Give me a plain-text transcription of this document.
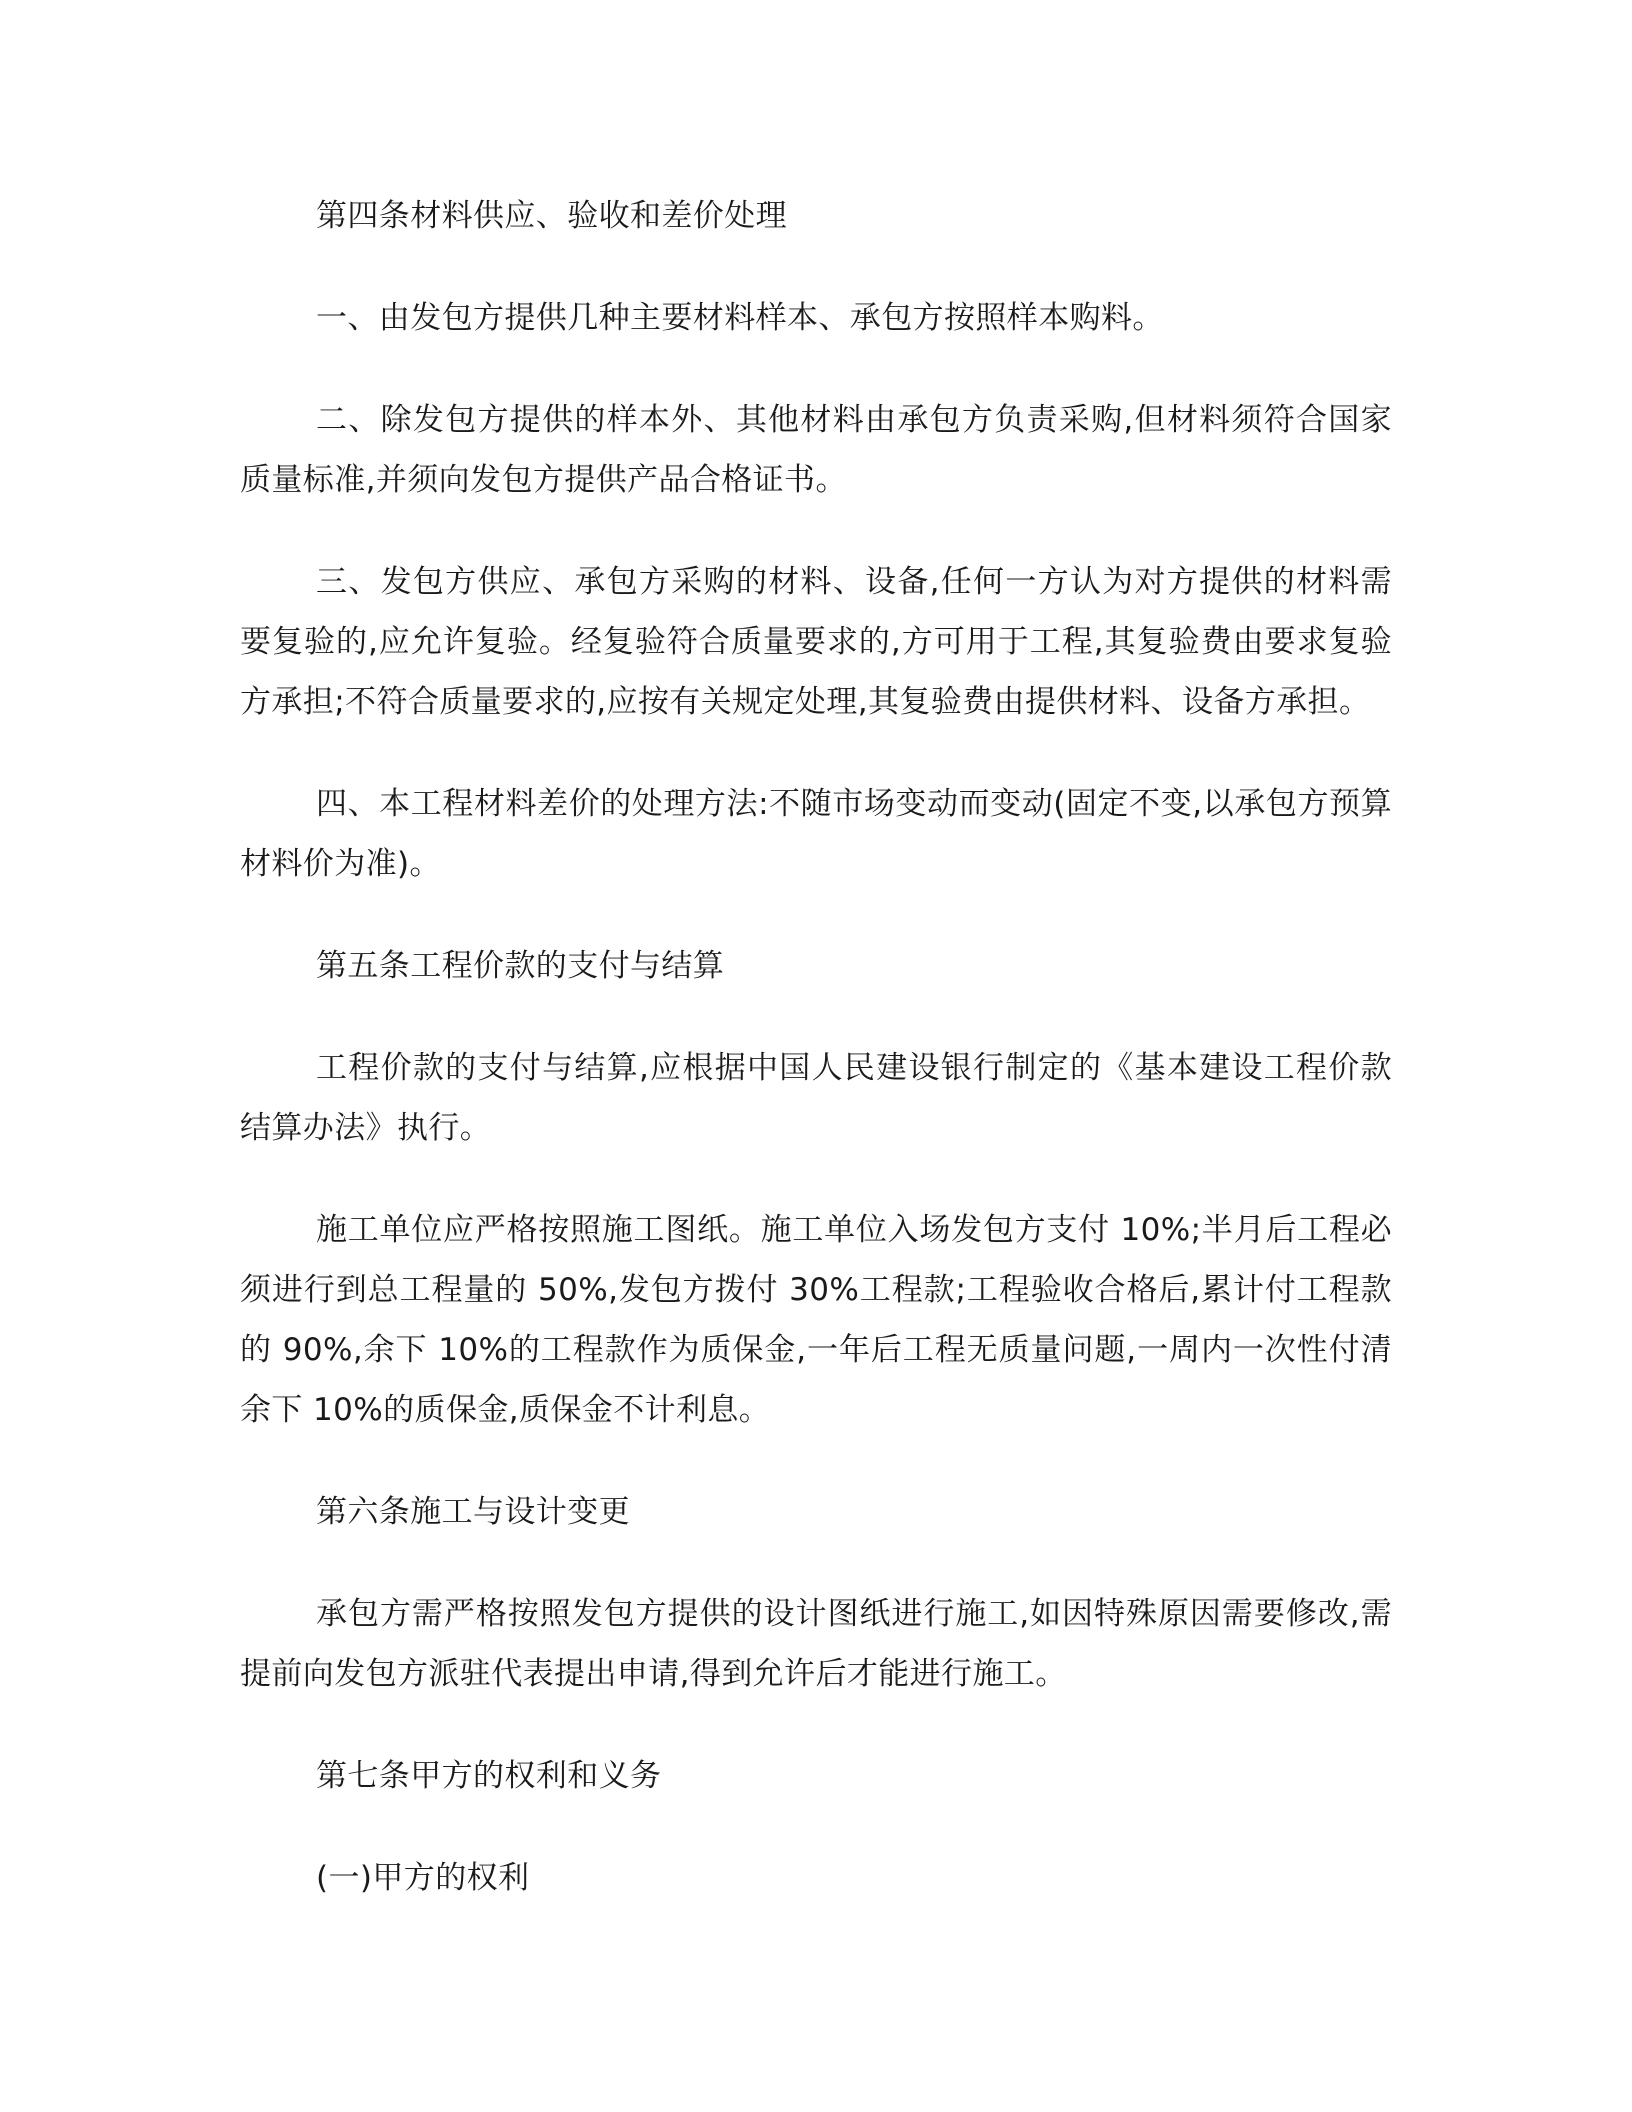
第四条材料供应、验收和差价处理

一、由发包方提供几种主要材料样本、承包方按照样本购料。

二、除发包方提供的样本外、其他材料由承包方负责采购,但材料须符合国家质量标准,并须向发包方提供产品合格证书。

三、发包方供应、承包方采购的材料、设备,任何一方认为对方提供的材料需要复验的,应允许复验。经复验符合质量要求的,方可用于工程,其复验费由要求复验方承担;不符合质量要求的,应按有关规定处理,其复验费由提供材料、设备方承担。

四、本工程材料差价的处理方法:不随市场变动而变动(固定不变,以承包方预算材料价为准)。

第五条工程价款的支付与结算

工程价款的支付与结算,应根据中国人民建设银行制定的《基本建设工程价款结算办法》执行。

施工单位应严格按照施工图纸。施工单位入场发包方支付 10%;半月后工程必须进行到总工程量的 50%,发包方拨付 30%工程款;工程验收合格后,累计付工程款的 90%,余下 10%的工程款作为质保金,一年后工程无质量问题,一周内一次性付清余下 10%的质保金,质保金不计利息。

第六条施工与设计变更

承包方需严格按照发包方提供的设计图纸进行施工,如因特殊原因需要修改,需提前向发包方派驻代表提出申请,得到允许后才能进行施工。

第七条甲方的权利和义务

(一)甲方的权利
